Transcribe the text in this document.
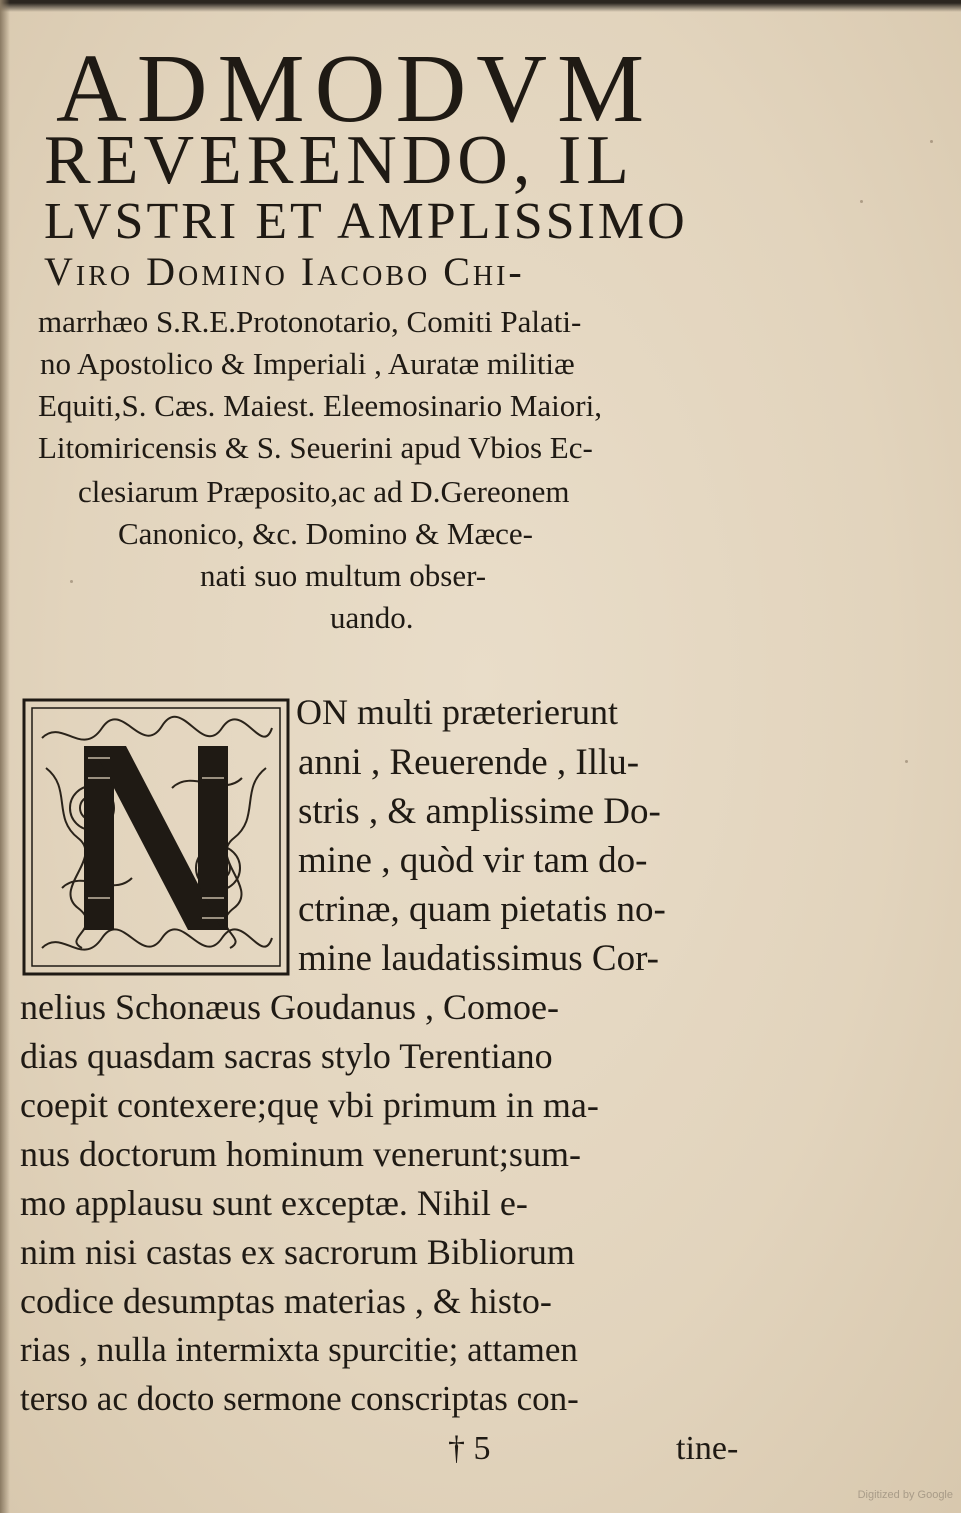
ADMODVM
REVERENDO, IL
LVSTRI ET AMPLISSIMO
Viro Domino Iacobo Chi-
marrhæo S.R.E.Protonotario, Comiti Palati-
no Apostolico & Imperiali , Auratæ militiæ
Equiti,S. Cæs. Maiest. Eleemosinario Maiori,
Litomiricensis & S. Seuerini apud Vbios Ec-
clesiarum Præposito,ac ad D.Gereonem
Canonico, &c. Domino & Mæce-
nati suo multum obser-
uando.
ON multi præterierunt
anni , Reuerende , Illu-
stris , & amplissime Do-
mine , quòd vir tam do-
ctrinæ, quam pietatis no-
mine laudatissimus Cor-
nelius Schonæus Goudanus , Comoe-
dias quasdam sacras stylo Terentiano
coepit contexere;quę vbi primum in ma-
nus doctorum hominum venerunt;sum-
mo applausu sunt exceptæ. Nihil e-
nim nisi castas ex sacrorum Bibliorum
codice desumptas materias , & histo-
rias , nulla intermixta spurcitie; attamen
terso ac docto sermone conscriptas con-
† 5	tine-
Digitized by Google
